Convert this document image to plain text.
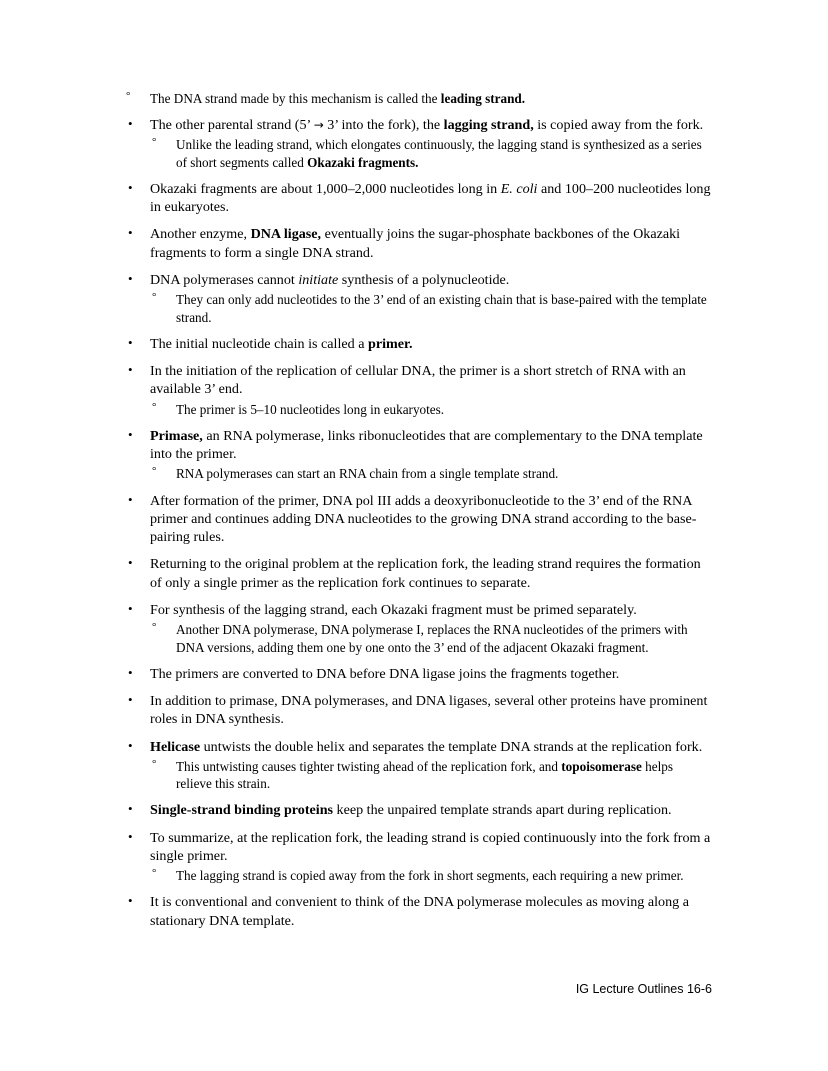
° The DNA strand made by this mechanism is called the leading strand.
• The other parental strand (5’ → 3’ into the fork), the lagging strand, is copied away from the fork.
° Unlike the leading strand, which elongates continuously, the lagging stand is synthesized as a series of short segments called Okazaki fragments.
• Okazaki fragments are about 1,000–2,000 nucleotides long in E. coli and 100–200 nucleotides long in eukaryotes.
• Another enzyme, DNA ligase, eventually joins the sugar-phosphate backbones of the Okazaki fragments to form a single DNA strand.
• DNA polymerases cannot initiate synthesis of a polynucleotide.
° They can only add nucleotides to the 3’ end of an existing chain that is base-paired with the template strand.
• The initial nucleotide chain is called a primer.
• In the initiation of the replication of cellular DNA, the primer is a short stretch of RNA with an available 3’ end.
° The primer is 5–10 nucleotides long in eukaryotes.
• Primase, an RNA polymerase, links ribonucleotides that are complementary to the DNA template into the primer.
° RNA polymerases can start an RNA chain from a single template strand.
• After formation of the primer, DNA pol III adds a deoxyribonucleotide to the 3’ end of the RNA primer and continues adding DNA nucleotides to the growing DNA strand according to the base-pairing rules.
• Returning to the original problem at the replication fork, the leading strand requires the formation of only a single primer as the replication fork continues to separate.
• For synthesis of the lagging strand, each Okazaki fragment must be primed separately.
° Another DNA polymerase, DNA polymerase I, replaces the RNA nucleotides of the primers with DNA versions, adding them one by one onto the 3’ end of the adjacent Okazaki fragment.
• The primers are converted to DNA before DNA ligase joins the fragments together.
• In addition to primase, DNA polymerases, and DNA ligases, several other proteins have prominent roles in DNA synthesis.
• Helicase untwists the double helix and separates the template DNA strands at the replication fork.
° This untwisting causes tighter twisting ahead of the replication fork, and topoisomerase helps relieve this strain.
• Single-strand binding proteins keep the unpaired template strands apart during replication.
• To summarize, at the replication fork, the leading strand is copied continuously into the fork from a single primer.
° The lagging strand is copied away from the fork in short segments, each requiring a new primer.
• It is conventional and convenient to think of the DNA polymerase molecules as moving along a stationary DNA template.
IG Lecture Outlines 16-6
